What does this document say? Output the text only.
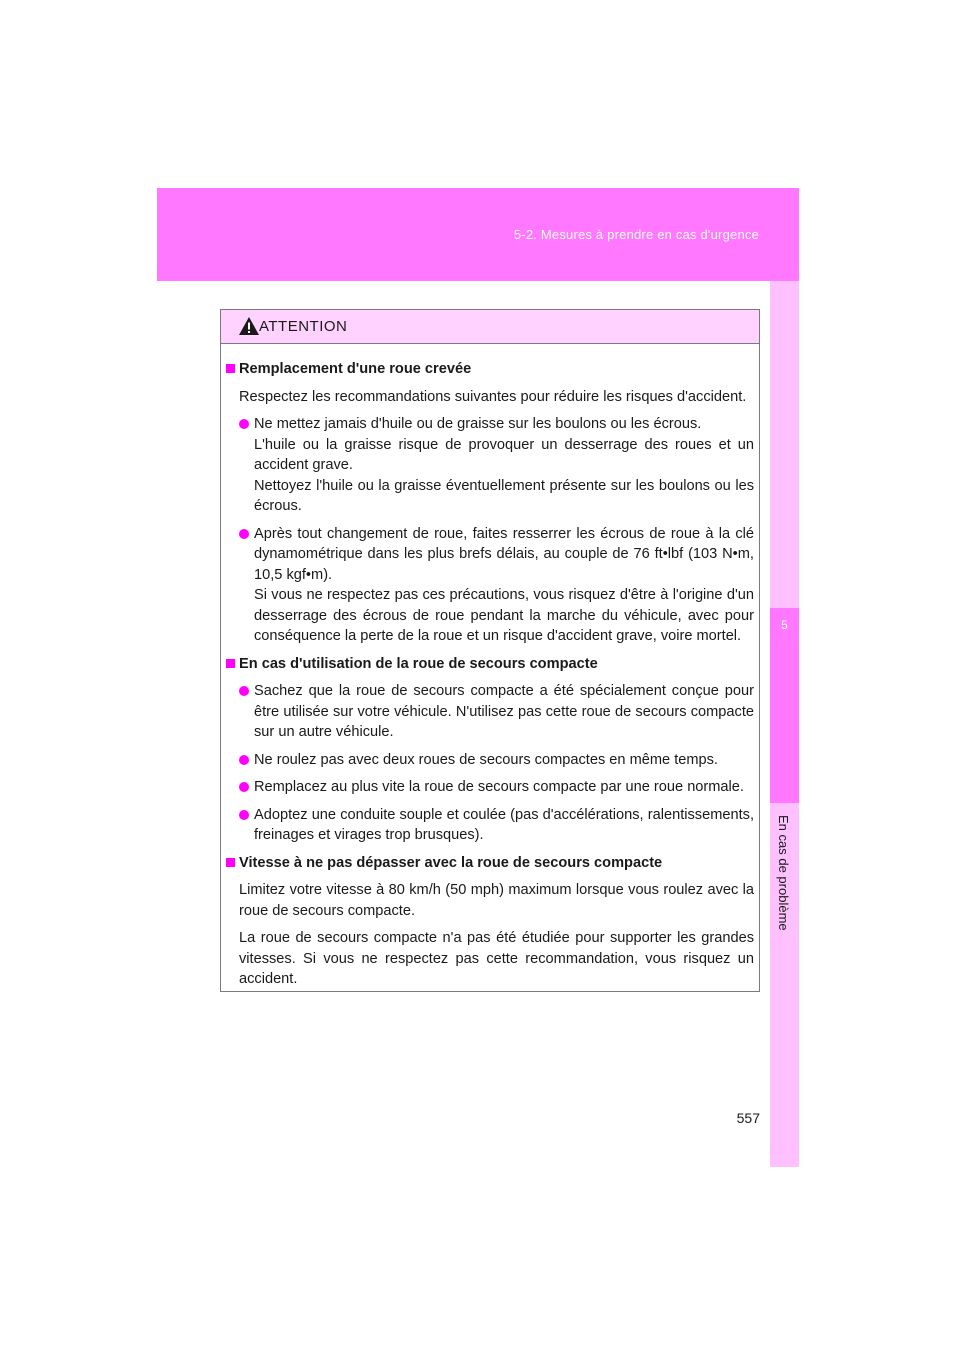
5-2. Mesures à prendre en cas d'urgence
5
En cas de problème
ATTENTION
Remplacement d'une roue crevée
Respectez les recommandations suivantes pour réduire les risques d'accident.
Ne mettez jamais d'huile ou de graisse sur les boulons ou les écrous.
L'huile ou la graisse risque de provoquer un desserrage des roues et un accident grave.
Nettoyez l'huile ou la graisse éventuellement présente sur les boulons ou les écrous.
Après tout changement de roue, faites resserrer les écrous de roue à la clé dynamométrique dans les plus brefs délais, au couple de 76 ft•lbf (103 N•m, 10,5 kgf•m).
Si vous ne respectez pas ces précautions, vous risquez d'être à l'origine d'un desserrage des écrous de roue pendant la marche du véhicule, avec pour conséquence la perte de la roue et un risque d'accident grave, voire mortel.
En cas d'utilisation de la roue de secours compacte
Sachez que la roue de secours compacte a été spécialement conçue pour être utilisée sur votre véhicule. N'utilisez pas cette roue de secours compacte sur un autre véhicule.
Ne roulez pas avec deux roues de secours compactes en même temps.
Remplacez au plus vite la roue de secours compacte par une roue normale.
Adoptez une conduite souple et coulée (pas d'accélérations, ralentissements, freinages et virages trop brusques).
Vitesse à ne pas dépasser avec la roue de secours compacte
Limitez votre vitesse à 80 km/h (50 mph) maximum lorsque vous roulez avec la roue de secours compacte.
La roue de secours compacte n'a pas été étudiée pour supporter les grandes vitesses. Si vous ne respectez pas cette recommandation, vous risquez un accident.
557
